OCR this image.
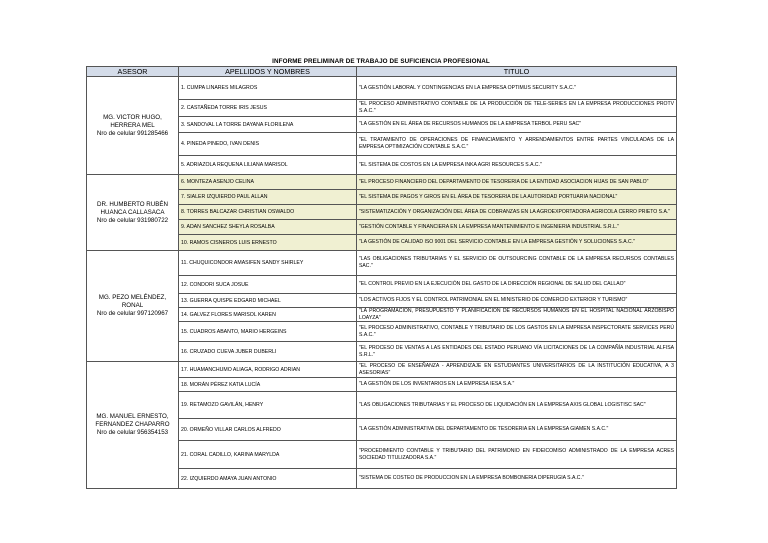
INFORME PRELIMINAR DE TRABAJO DE SUFICIENCIA PROFESIONAL
ASESOR	APELLIDOS Y NOMBRES	TITULO

MG. VICTOR HUGO, HERRERA MEL
Nro de celular 991285466	1. CUMPA LINARES MILAGROS	"LA GESTIÓN LABORAL Y CONTINGENCIAS EN LA EMPRESA OPTIMUS SECURITY S.A.C."
	2. CASTAÑEDA TORRE IRIS JESUS	"EL PROCESO ADMINISTRATIVO CONTABLE DE LA PRODUCCIÓN DE TELE-SERIES EN LA EMPRESA PRODUCCIONES PROTV S.A.C."
	3. SANDOVAL LA TORRE DAYANA FLORILENA	"LA GESTIÓN EN EL ÁREA DE RECURSOS HUMANOS DE LA EMPRESA TERBOL PERU SAC"
	4. PINEDA PINEDO, IVAN DENIS	"EL TRATAMIENTO DE OPERACIONES DE FINANCIAMIENTO Y ARRENDAMIENTOS ENTRE PARTES VINCULADAS DE LA EMPRESA OPTIMIZACIÓN CONTABLE S.A.C."
	5. ADRIAZOLA REQUENA LILIANA MARISOL	"EL SISTEMA DE COSTOS EN LA EMPRESA INKA AGRI RESOURCES S.A.C."

DR. HUMBERTO RUBÉN HUANCA CALLASACA
Nro de celular 931980722	6. MONTEZA ASENJO CELINA	"EL PROCESO FINANCIERO DEL DEPARTAMENTO DE TESORERIA DE LA ENTIDAD ASOCIACION HIJAS DE SAN PABLO"
	7. SIALER IZQUIERDO PAUL ALLAN	"EL SISTEMA DE PAGOS Y GIROS EN EL ÁREA DE TESORERIA DE LA AUTORIDAD PORTUARIA NACIONAL"
	8. TORRES BALCAZAR CHRISTIAN OSWALDO	"SISTEMATIZACIÓN Y ORGANIZACIÓN DEL ÁREA DE COBRANZAS EN LA AGROEXPORTADORA AGRICOLA CERRO PRIETO S.A."
	9. ADAN SANCHEZ SHEYLA ROSALBA	"GESTIÓN CONTABLE Y FINANCIERA EN LA EMPRESA MANTENIMIENTO E INGENIERIA INDUSTRIAL S.R.L."
	10. RAMOS CISNEROS LUIS ERNESTO	"LA GESTIÓN DE CALIDAD ISO 9001 DEL SERVICIO CONTABLE EN LA EMPRESA GESTIÓN Y SOLUCIONES S.A.C."

MG. PEZO MELÉNDEZ, RONAL
Nro de celular 997120967	11. CHUQUICONDOR AMASIFEN SANDY SHIRLEY	"LAS OBLIGACIONES TRIBUTARIAS Y EL SERVICIO DE OUTSOURCING CONTABLE DE LA EMPRESA RECURSOS CONTABLES SAC."
	12. CONDORI SUCA JOSUE	"EL CONTROL PREVIO EN LA EJECUCIÓN DEL GASTO DE LA DIRECCIÓN REGIONAL DE SALUD DEL CALLAO"
	13. GUERRA QUISPE EDGARD MICHAEL	"LOS ACTIVOS FIJOS Y EL CONTROL PATRIMONIAL EN EL MINISTERIO DE COMERCIO EXTERIOR Y TURISMO"
	14. GALVEZ FLORES MARISOL KAREN	"LA PROGRAMACIÓN, PRESUPUESTO Y PLANIFICACIÓN DE RECURSOS HUMANOS EN EL HOSPITAL NACIONAL ARZOBISPO LOAYZA"
	15. CUADROS ABANTO, MARIO HERGEINS	"EL PROCESO ADMINISTRATIVO, CONTABLE Y TRIBUTARIO DE LOS GASTOS EN LA EMPRESA INSPECTORATE SERVICES PERÚ S.A.C."
	16. CRUZADO CUEVA JUBER DUBERLI	"EL PROCESO DE VENTAS A LAS ENTIDADES DEL ESTADO PERUANO VÍA LICITACIONES DE LA COMPAÑÍA INDUSTRIAL ALFISA S.R.L."

MG. MANUEL ERNESTO, FERNANDEZ CHAPARRO
Nro de celular 956354153	17. HUAMANCHUMO ALIAGA, RODRIGO ADRIAN	"EL PROCESO DE ENSEÑANZA - APRENDIZAJE EN ESTUDIANTES UNIVERSITARIOS DE LA INSTITUCIÓN EDUCATIVA, A 3 ASESORIAS"
	18. MORÁN PÉREZ KATIA LUCÍA	"LA GESTIÓN DE LOS INVENTARIOS EN LA EMPRESA IESA S.A."
	19. RETAMOZO GAVILÁN, HENRY	"LAS OBLIGACIONES TRIBUTARIAS Y EL PROCESO DE LIQUIDACIÓN EN LA EMPRESA AXIS GLOBAL LOGISTISC SAC"
	20. ORMEÑO VILLAR CARLOS ALFREDO	"LA GESTIÓN ADMINISTRATIVA DEL DEPARTAMENTO DE TESORERIA EN LA EMPRESA GIAMEN S.A.C."
	21. CORAL CADILLO, KARINA MARYLDA	"PROCEDIMIENTO CONTABLE Y TRIBUTARIO DEL PATRIMONIO EN FIDEICOMISO ADMINISTRADO DE LA EMPRESA ACRES SOCIEDAD TITULIZADORA S.A."
	22. IZQUIERDO AMAYA JUAN ANTONIO	"SISTEMA DE COSTEO DE PRODUCCION EN LA EMPRESA BOMBONERIA DIPERUGIA S.A.C."
